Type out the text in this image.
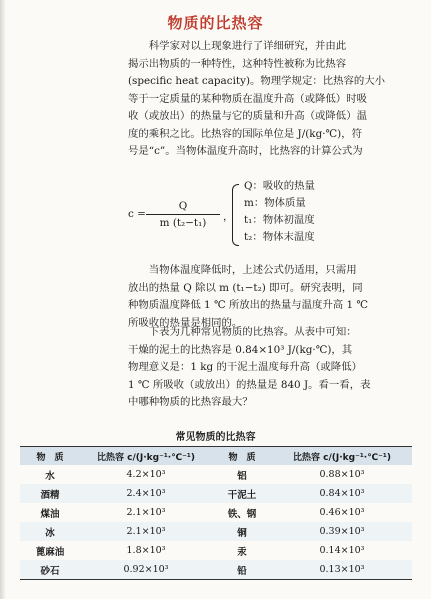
物质的比热容
科学家对以上现象进行了详细研究，并由此
揭示出物质的一种特性，这种特性被称为比热容
(specific heat capacity)。物理学规定：比热容的大小
等于一定质量的某种物质在温度升高（或降低）时吸
收（或放出）的热量与它的质量和升高（或降低）温
度的乘积之比。比热容的国际单位是 J/(kg·℃)，符
号是“c”。当物体温度升高时，比热容的计算公式为
$c = \frac{Q}{\text{m (t₂−t₁)}}$ ，
Q：吸收的热量
m：物体质量
t₁：物体初温度
t₂：物体末温度
当物体温度降低时，上述公式仍适用，只需用
放出的热量 Q 除以 m (t₁−t₂) 即可。研究表明，同
种物质温度降低 1 ℃ 所放出的热量与温度升高 1 ℃
所吸收的热量是相同的。
下表为几种常见物质的比热容。从表中可知：
干燥的泥土的比热容是 0.84×10³ J/(kg·℃)，其
物理意义是：1 kg 的干泥土温度每升高（或降低）
1 ℃ 所吸收（或放出）的热量是 840 J。看一看，表
中哪种物质的比热容最大？
常见物质的比热容
物　质	比热容 c/(J·kg⁻¹·℃⁻¹)	物　质	比热容 c/(J·kg⁻¹·℃⁻¹)
水	4.2×10³	铝	0.88×10³
酒精	2.4×10³	干泥土	0.84×10³
煤油	2.1×10³	铁、钢	0.46×10³
冰	2.1×10³	铜	0.39×10³
蓖麻油	1.8×10³	汞	0.14×10³
砂石	0.92×10³	铅	0.13×10³
